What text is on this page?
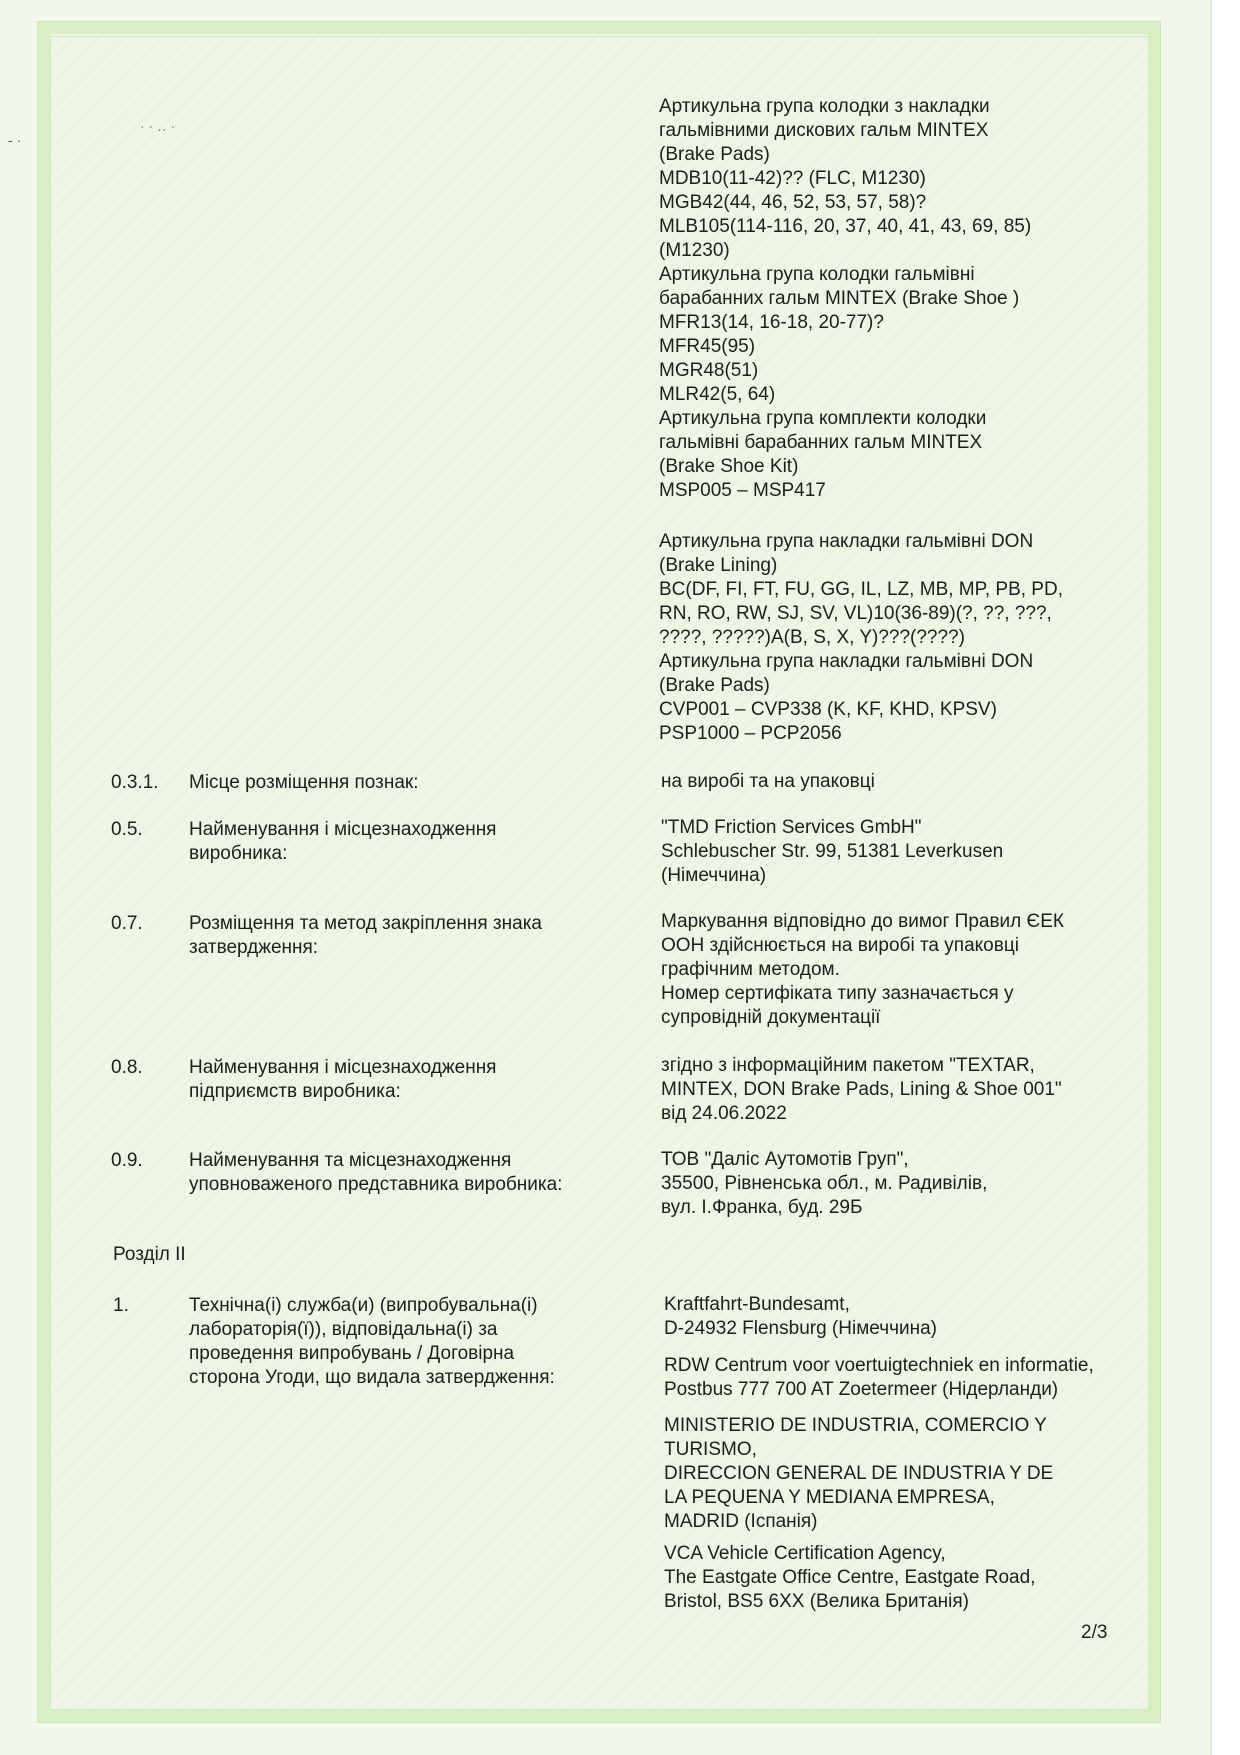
- ·
· · ‥ ·
Артикульна група колодки з накладки
гальмівними дискових гальм MINTEX
(Brake Pads)
MDB10(11-42)?? (FLC, M1230)
MGB42(44, 46, 52, 53, 57, 58)?
MLB105(114-116, 20, 37, 40, 41, 43, 69, 85)
(M1230)
Артикульна група колодки гальмівні
барабанних гальм MINTEX (Brake Shoe )
MFR13(14, 16-18, 20-77)?
MFR45(95)
MGR48(51)
MLR42(5, 64)
Артикульна група комплекти колодки
гальмівні барабанних гальм MINTEX
(Brake Shoe Kit)
MSP005 – MSP417
Артикульна група накладки гальмівні DON
(Brake Lining)
BC(DF, FI, FT, FU, GG, IL, LZ, MB, MP, PB, PD,
RN, RO, RW, SJ, SV, VL)10(36-89)(?, ??, ???,
????, ?????)A(B, S, X, Y)???(????)
Артикульна група накладки гальмівні DON
(Brake Pads)
CVP001 – CVP338 (K, KF, KHD, KPSV)
PSP1000 – PCP2056
0.3.1. Місце розміщення познак:	на виробі та на упаковці
0.5. Найменування і місцезнаходження
виробника:
"TMD Friction Services GmbH"
Schlebuscher Str. 99, 51381 Leverkusen
(Німеччина)
0.7. Розміщення та метод закріплення знака
затвердження:
Маркування відповідно до вимог Правил ЄЕК
ООН здійснюється на виробі та упаковці
графічним методом.
Номер сертифіката типу зазначається у
супровідній документації
0.8. Найменування і місцезнаходження
підприємств виробника:
згідно з інформаційним пакетом "TEXTAR,
MINTEX, DON Brake Pads, Lining & Shoe 001"
від 24.06.2022
0.9. Найменування та місцезнаходження
уповноваженого представника виробника:
ТОВ "Даліс Аутомотів Груп",
35500, Рівненська обл., м. Радивілів,
вул. І.Франка, буд. 29Б
Розділ II
1.	Технічна(і) служба(и) (випробувальна(і)
лабораторія(ї)), відповідальна(і) за
проведення випробувань / Договірна
сторона Угоди, що видала затвердження:
Kraftfahrt-Bundesamt,
D-24932 Flensburg (Німеччина)
RDW Centrum voor voertuigtechniek en informatie,
Postbus 777 700 AT Zoetermeer (Нідерланди)
MINISTERIO DE INDUSTRIA, COMERCIO Y
TURISMO,
DIRECCION GENERAL DE INDUSTRIA Y DE
LA PEQUENA Y MEDIANA EMPRESA,
MADRID (Іспанія)
VCA Vehicle Certification Agency,
The Eastgate Office Centre, Eastgate Road,
Bristol, BS5 6XX (Велика Британія)
2/3
